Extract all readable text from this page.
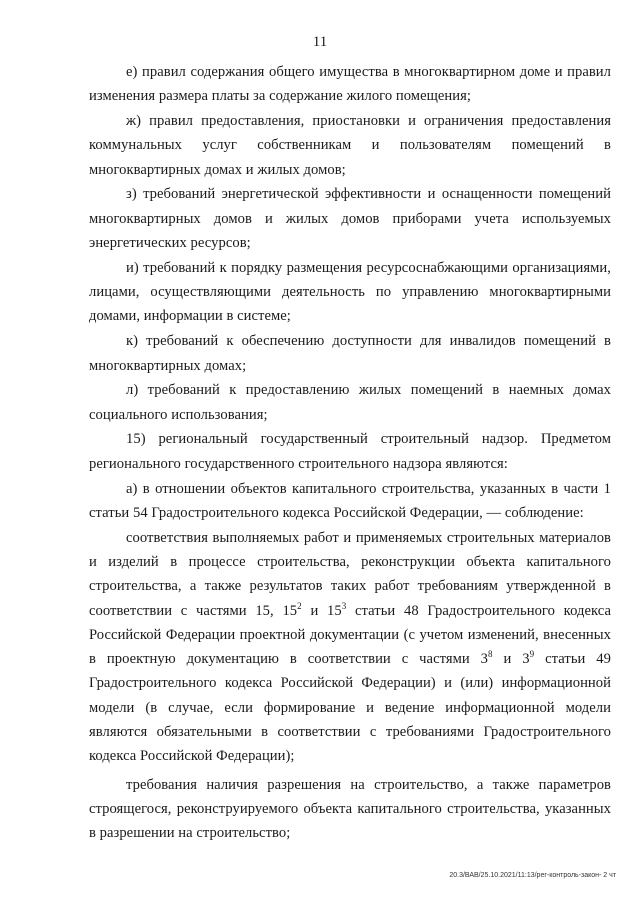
11

е) правил содержания общего имущества в многоквартирном доме и правил изменения размера платы за содержание жилого помещения;

ж) правил предоставления, приостановки и ограничения предоставления коммунальных услуг собственникам и пользователям помещений в многоквартирных домах и жилых домов;

з) требований энергетической эффективности и оснащенности помещений многоквартирных домов и жилых домов приборами учета используемых энергетических ресурсов;

и) требований к порядку размещения ресурсоснабжающими организациями, лицами, осуществляющими деятельность по управлению многоквартирными домами, информации в системе;

к) требований к обеспечению доступности для инвалидов помещений в многоквартирных домах;

л) требований к предоставлению жилых помещений в наемных домах социального использования;

15) региональный государственный строительный надзор. Предметом регионального государственного строительного надзора являются:

а) в отношении объектов капитального строительства, указанных в части 1 статьи 54 Градостроительного кодекса Российской Федерации, — соблюдение:

соответствия выполняемых работ и применяемых строительных материалов и изделий в процессе строительства, реконструкции объекта капитального строительства, а также результатов таких работ требованиям утвержденной в соответствии с частями 15, $15^2$ и $15^3$ статьи 48 Градостроительного кодекса Российской Федерации проектной документации (с учетом изменений, внесенных в проектную документацию в соответствии с частями $3^8$ и $3^9$ статьи 49 Градостроительного кодекса Российской Федерации) и (или) информационной модели (в случае, если формирование и ведение информационной модели являются обязательными в соответствии с требованиями Градостроительного кодекса Российской Федерации);

требования наличия разрешения на строительство, а также параметров строящегося, реконструируемого объекта капитального строительства, указанных в разрешении на строительство;

20.3/ВАВ/25.10.2021/11:13/рег-контроль-закон- 2 чт
